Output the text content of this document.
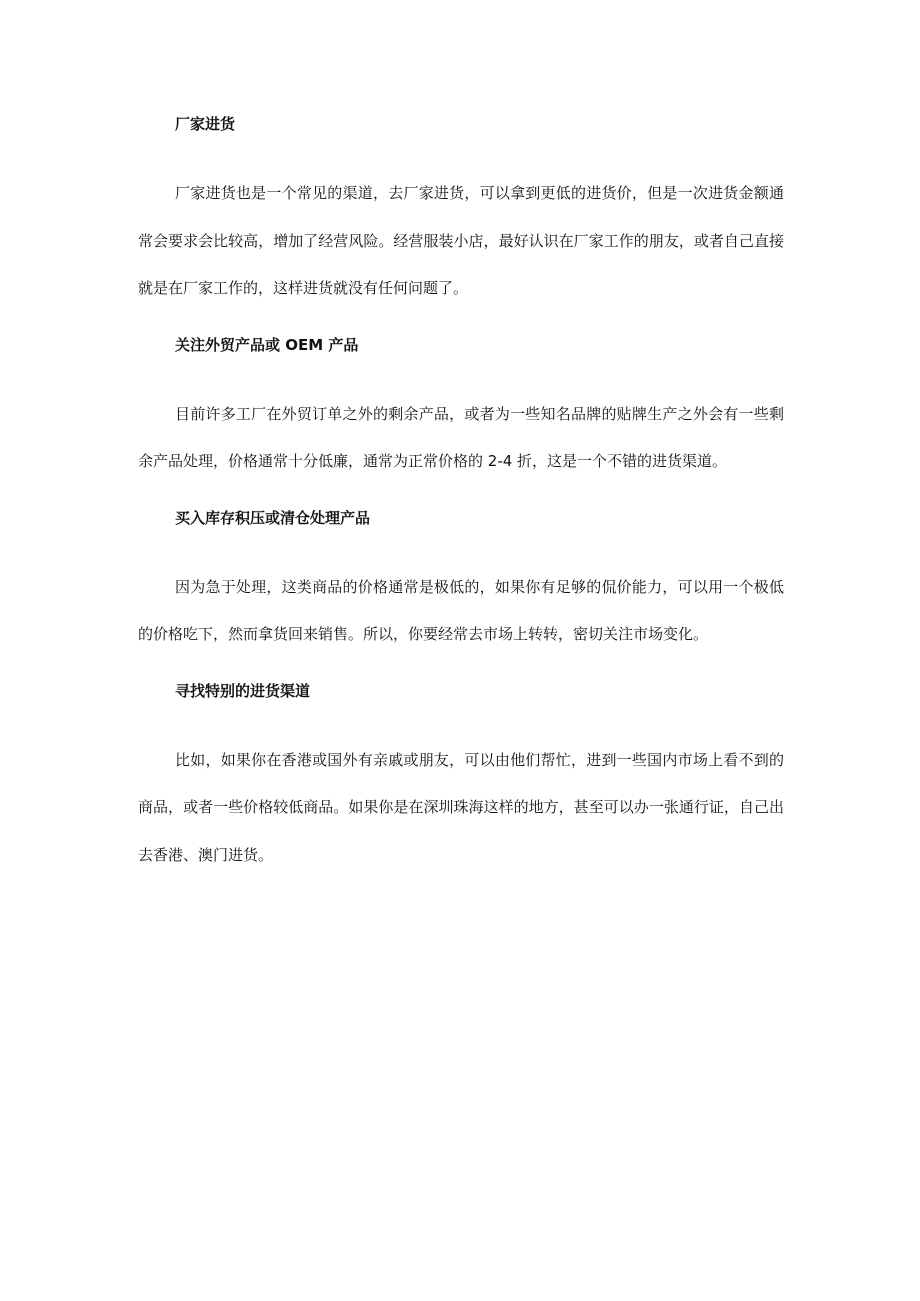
厂家进货

厂家进货也是一个常见的渠道，去厂家进货，可以拿到更低的进货价，但是一次进货金额通常会要求会比较高，增加了经营风险。经营服装小店，最好认识在厂家工作的朋友，或者自己直接就是在厂家工作的，这样进货就没有任何问题了。

关注外贸产品或 OEM 产品

目前许多工厂在外贸订单之外的剩余产品，或者为一些知名品牌的贴牌生产之外会有一些剩余产品处理，价格通常十分低廉，通常为正常价格的 2-4 折，这是一个不错的进货渠道。

买入库存积压或清仓处理产品

因为急于处理，这类商品的价格通常是极低的，如果你有足够的侃价能力，可以用一个极低的价格吃下，然而拿货回来销售。所以，你要经常去市场上转转，密切关注市场变化。

寻找特别的进货渠道

比如，如果你在香港或国外有亲戚或朋友，可以由他们帮忙，进到一些国内市场上看不到的商品，或者一些价格较低商品。如果你是在深圳珠海这样的地方，甚至可以办一张通行证，自己出去香港、澳门进货。
